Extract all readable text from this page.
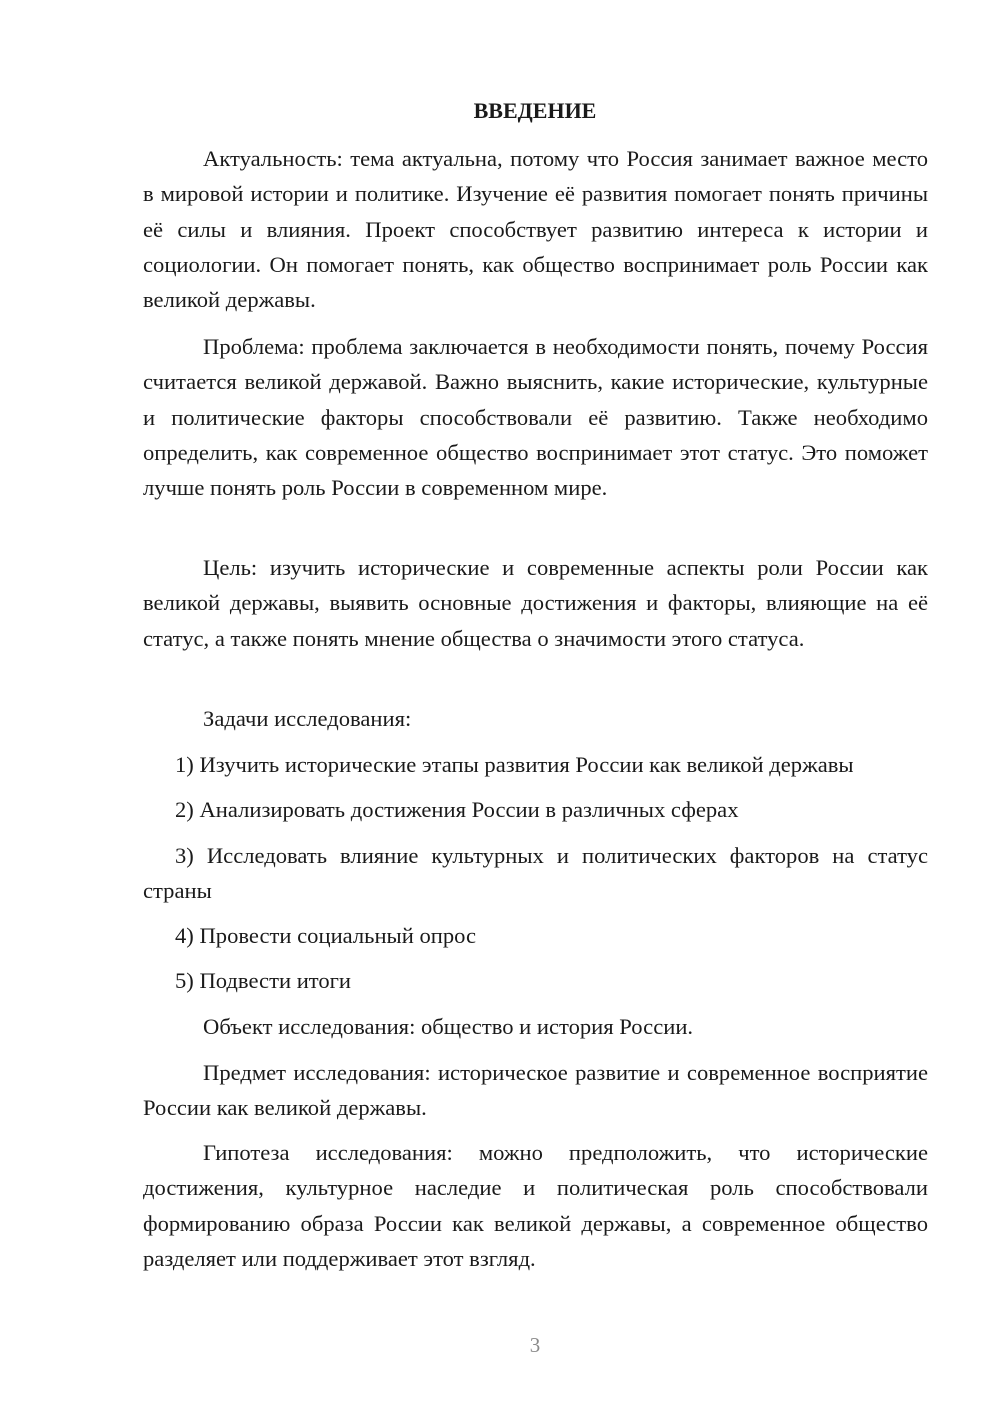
ВВЕДЕНИЕ

Актуальность: тема актуальна, потому что Россия занимает важное место в мировой истории и политике. Изучение её развития помогает понять причины её силы и влияния. Проект способствует развитию интереса к истории и социологии. Он помогает понять, как общество воспринимает роль России как великой державы.

Проблема: проблема заключается в необходимости понять, почему Россия считается великой державой. Важно выяснить, какие исторические, культурные и политические факторы способствовали её развитию. Также необходимо определить, как современное общество воспринимает этот статус. Это поможет лучше понять роль России в современном мире.

Цель: изучить исторические и современные аспекты роли России как великой державы, выявить основные достижения и факторы, влияющие на её статус, а также понять мнение общества о значимости этого статуса.

Задачи исследования:

1) Изучить исторические этапы развития России как великой державы

2) Анализировать достижения России в различных сферах

3) Исследовать влияние культурных и политических факторов на статус страны

4) Провести социальный опрос

5) Подвести итоги

Объект исследования: общество и история России.

Предмет исследования: историческое развитие и современное восприятие России как великой державы.

Гипотеза исследования: можно предположить, что исторические достижения, культурное наследие и политическая роль способствовали формированию образа России как великой державы, а современное общество разделяет или поддерживает этот взгляд.

3
